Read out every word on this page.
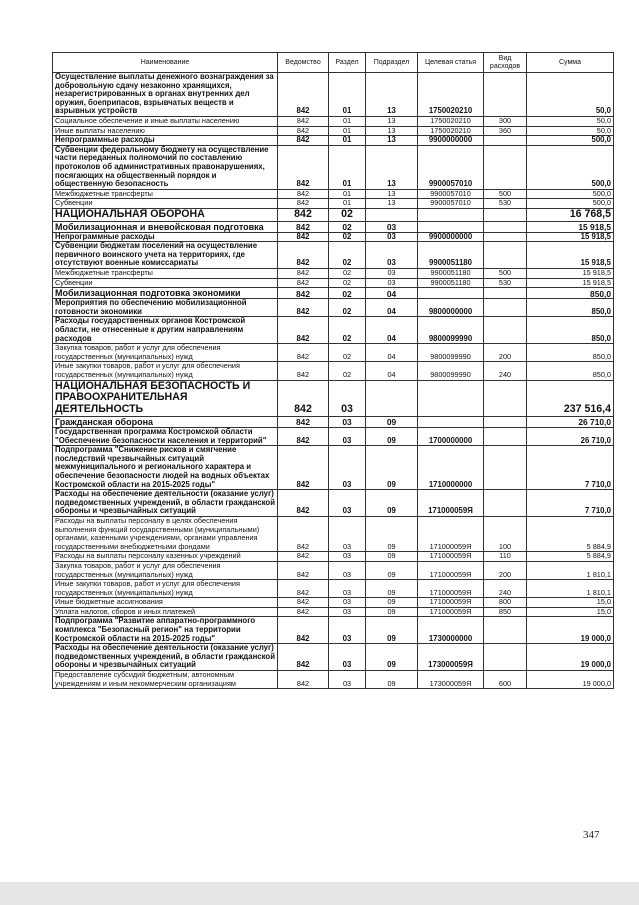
Наименование	Ведомство	Раздел	Подраздел	Целевая статья	Вид расходов	Сумма
Осуществление выплаты денежного вознаграждения за добровольную сдачу незаконно хранящихся, незарегистрированных в органах внутренних дел оружия, боеприпасов, взрывчатых веществ и взрывных устройств	842	01	13	1750020210		50,0
Социальное обеспечение и иные выплаты населению	842	01	13	1750020210	300	50,0
Иные выплаты населению	842	01	13	1750020210	360	50,0
Непрограммные расходы	842	01	13	9900000000		500,0
Субвенции федеральному бюджету на осуществление части переданных полномочий по составлению протоколов об административных правонарушениях, посягающих на общественный порядок и общественную безопасность	842	01	13	9900057010		500,0
Межбюджетные трансферты	842	01	13	9900057010	500	500,0
Субвенции	842	01	13	9900057010	530	500,0
НАЦИОНАЛЬНАЯ ОБОРОНА	842	02				16 768,5
Мобилизационная и вневойсковая подготовка	842	02	03			15 918,5
Непрограммные расходы	842	02	03	9900000000		15 918,5
Субвенции бюджетам поселений на осуществление первичного воинского учета на территориях, где отсутствуют военные комиссариаты	842	02	03	9900051180		15 918,5
Межбюджетные трансферты	842	02	03	9900051180	500	15 918,5
Субвенции	842	02	03	9900051180	530	15 918,5
Мобилизационная подготовка экономики	842	02	04			850,0
Мероприятия по обеспечению мобилизационной готовности экономики	842	02	04	9800000000		850,0
Расходы государственных органов Костромской области, не отнесенные к другим направлениям расходов	842	02	04	9800099990		850,0
Закупка товаров, работ и услуг для обеспечения государственных (муниципальных) нужд	842	02	04	9800099990	200	850,0
Иные закупки товаров, работ и услуг для обеспечения государственных (муниципальных) нужд	842	02	04	9800099990	240	850,0
НАЦИОНАЛЬНАЯ БЕЗОПАСНОСТЬ И ПРАВООХРАНИТЕЛЬНАЯ ДЕЯТЕЛЬНОСТЬ	842	03				237 516,4
Гражданская оборона	842	03	09			26 710,0
Государственная программа Костромской области "Обеспечение безопасности населения и территорий"	842	03	09	1700000000		26 710,0
Подпрограмма "Снижение рисков и смягчение последствий чрезвычайных ситуаций межмуниципального и регионального характера и обеспечение безопасности людей на водных объектах Костромской области на 2015-2025 годы"	842	03	09	1710000000		7 710,0
Расходы на обеспечение деятельности (оказание услуг) подведомственных учреждений, в области гражданской обороны и чрезвычайных ситуаций	842	03	09	171000059Я		7 710,0
Расходы на выплаты персоналу в целях обеспечения выполнения функций государственными (муниципальными) органами, казенными учреждениями, органами управления государственными внебюджетными фондами	842	03	09	171000059Я	100	5 884,9
Расходы на выплаты персоналу казенных учреждений	842	03	09	171000059Я	110	5 884,9
Закупка товаров, работ и услуг для обеспечения государственных (муниципальных) нужд	842	03	09	171000059Я	200	1 810,1
Иные закупки товаров, работ и услуг для обеспечения государственных (муниципальных) нужд	842	03	09	171000059Я	240	1 810,1
Иные бюджетные ассигнования	842	03	09	171000059Я	800	15,0
Уплата налогов, сборов и иных платежей	842	03	09	171000059Я	850	15,0
Подпрограмма "Развитие аппаратно-программного комплекса "Безопасный регион" на территории Костромской области на 2015-2025 годы"	842	03	09	1730000000		19 000,0
Расходы на обеспечение деятельности (оказание услуг) подведомственных учреждений, в области гражданской обороны и чрезвычайных ситуаций	842	03	09	173000059Я		19 000,0
Предоставление субсидий бюджетным, автономным учреждениям и иным некоммерческим организациям	842	03	09	173000059Я	600	19 000,0
347
